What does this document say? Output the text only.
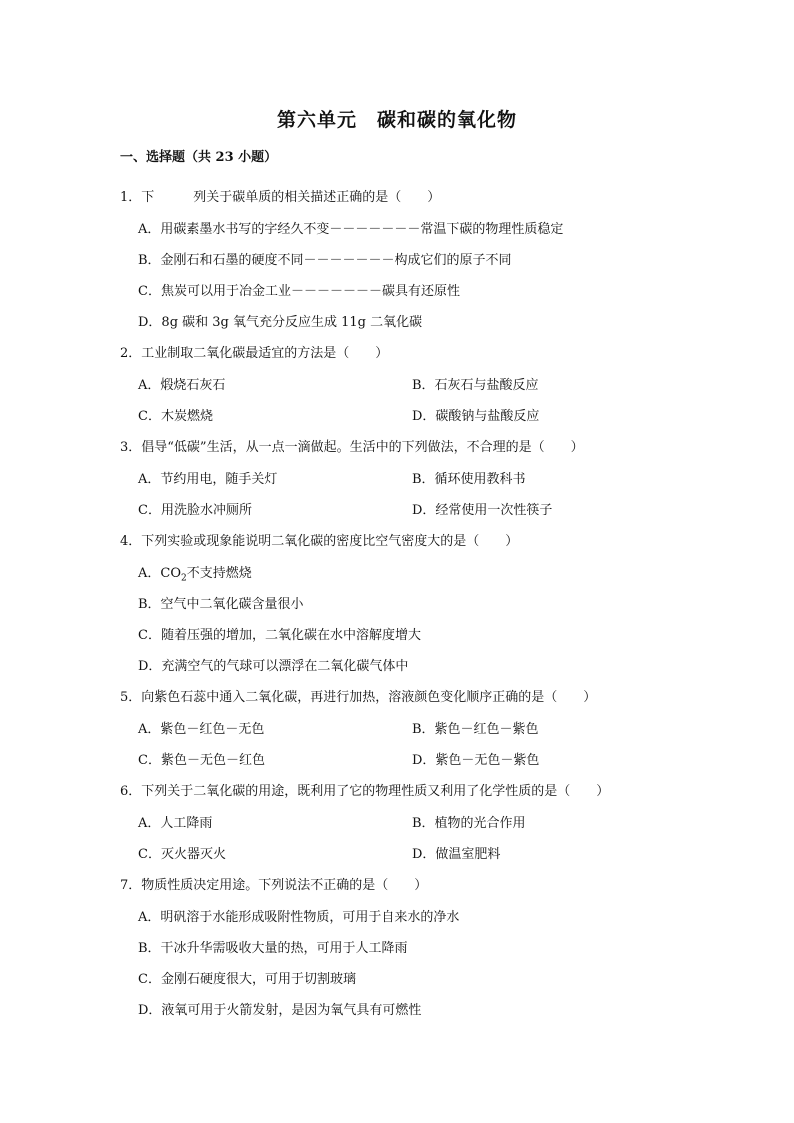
第六单元　碳和碳的氧化物
一、选择题（共 23 小题）
1．下　　　列关于碳单质的相关描述正确的是（　　）
A．用碳素墨水书写的字经久不变－－－－－－－常温下碳的物理性质稳定
B．金刚石和石墨的硬度不同－－－－－－－构成它们的原子不同
C．焦炭可以用于冶金工业－－－－－－－碳具有还原性
D．8g 碳和 3g 氧气充分反应生成 11g 二氧化碳
2．工业制取二氧化碳最适宜的方法是（　　）
A．煅烧石灰石	B．石灰石与盐酸反应
C．木炭燃烧	D．碳酸钠与盐酸反应
3．倡导“低碳”生活，从一点一滴做起。生活中的下列做法，不合理的是（　　）
A．节约用电，随手关灯	B．循环使用教科书
C．用洗脸水冲厕所	D．经常使用一次性筷子
4．下列实验或现象能说明二氧化碳的密度比空气密度大的是（　　）
A．$CO_2$不支持燃烧
B．空气中二氧化碳含量很小
C．随着压强的增加，二氧化碳在水中溶解度增大
D．充满空气的气球可以漂浮在二氧化碳气体中
5．向紫色石蕊中通入二氧化碳，再进行加热，溶液颜色变化顺序正确的是（　　）
A．紫色－红色－无色	B．紫色－红色－紫色
C．紫色－无色－红色	D．紫色－无色－紫色
6．下列关于二氧化碳的用途，既利用了它的物理性质又利用了化学性质的是（　　）
A．人工降雨	B．植物的光合作用
C．灭火器灭火	D．做温室肥料
7．物质性质决定用途。下列说法不正确的是（　　）
A．明矾溶于水能形成吸附性物质，可用于自来水的净水
B．干冰升华需吸收大量的热，可用于人工降雨
C．金刚石硬度很大，可用于切割玻璃
D．液氧可用于火箭发射，是因为氧气具有可燃性
